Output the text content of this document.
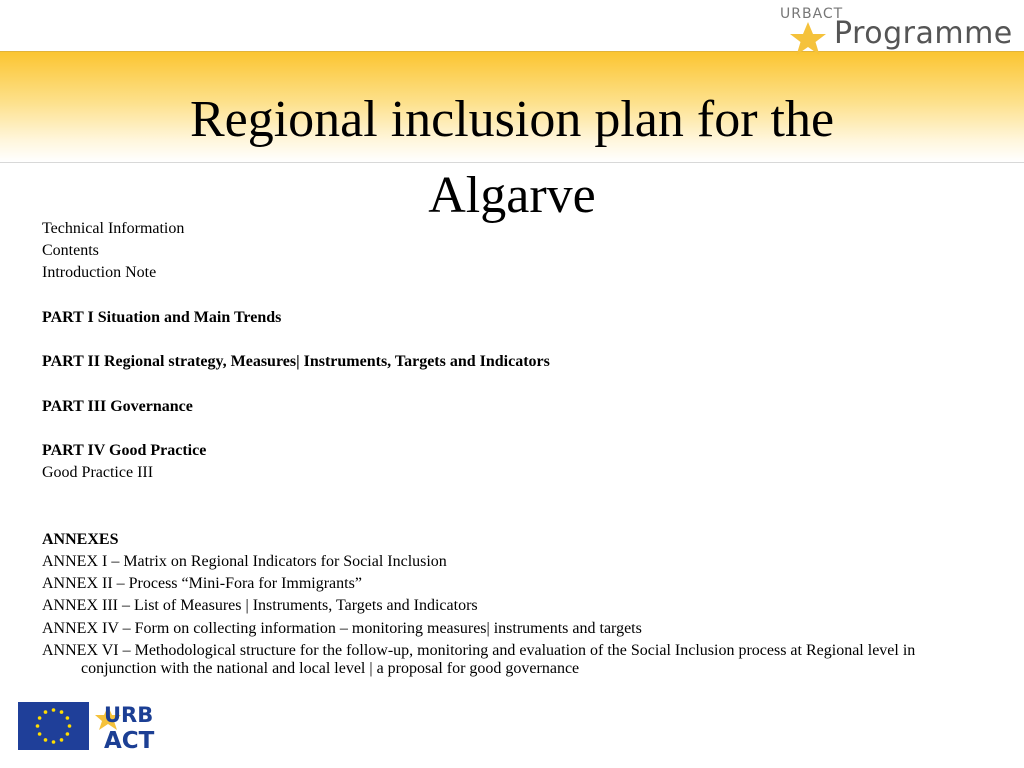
URBACT
Programme
Regional inclusion plan for the Algarve
Technical Information
Contents
Introduction Note
PART I Situation and Main Trends
PART II Regional strategy, Measures| Instruments, Targets and Indicators
PART III Governance
PART IV Good Practice
Good Practice III
ANNEXES
ANNEX I – Matrix on Regional Indicators for Social Inclusion
ANNEX II – Process “Mini-Fora for Immigrants”
ANNEX III – List of Measures | Instruments, Targets and Indicators
ANNEX IV – Form on collecting information – monitoring measures| instruments and targets
ANNEX VI – Methodological structure for the follow-up, monitoring and evaluation of the Social Inclusion process at Regional level in conjunction with the national and local level | a proposal for good governance
URB
ACT
